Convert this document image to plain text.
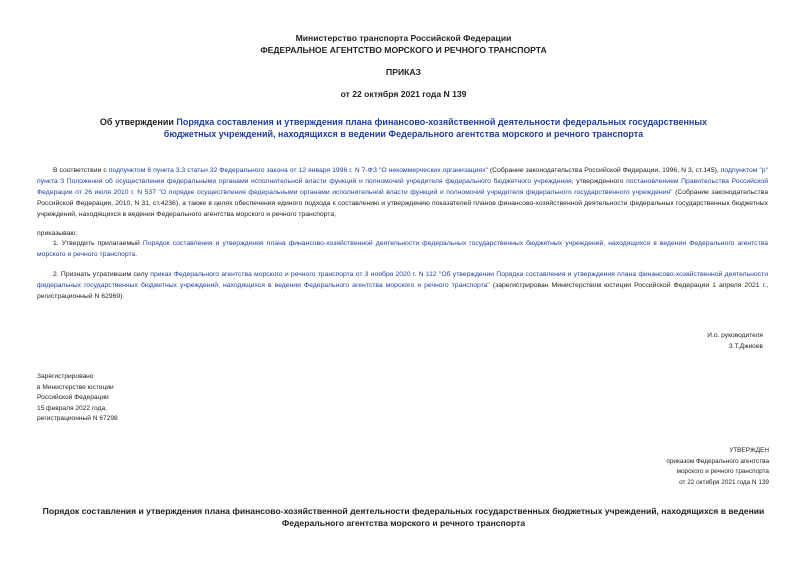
Министерство транспорта Российской Федерации
ФЕДЕРАЛЬНОЕ АГЕНТСТВО МОРСКОГО И РЕЧНОГО ТРАНСПОРТА
ПРИКАЗ
от 22 октября 2021 года N 139
Об утверждении Порядка составления и утверждения плана финансово-хозяйственной деятельности федеральных государственных бюджетных учреждений, находящихся в ведении Федерального агентства морского и речного транспорта
В соответствии с подпунктом 6 пункта 3.3 статьи 32 Федерального закона от 12 января 1996 г. N 7-ФЗ "О некоммерческих организациях" (Собрание законодательства Российской Федерации, 1996, N 3, ст.145), подпунктом "р" пункта 3 Положения об осуществлении федеральными органами исполнительной власти функций и полномочий учредителя федерального бюджетного учреждения, утвержденного постановлением Правительства Российской Федерации от 26 июля 2010 г. N 537 "О порядке осуществления федеральными органами исполнительной власти функций и полномочий учредителя федерального государственного учреждения" (Собрание законодательства Российской Федерации, 2010, N 31, ст.4236), а также в целях обеспечения единого подхода к составлению и утверждению показателей планов финансово-хозяйственной деятельности федеральных государственных бюджетных учреждений, находящихся в ведении Федерального агентства морского и речного транспорта,
приказываю:
1. Утвердить прилагаемый Порядок составления и утверждения плана финансово-хозяйственной деятельности федеральных государственных бюджетных учреждений, находящихся в ведении Федерального агентства морского и речного транспорта.
2. Признать утратившим силу приказ Федерального агентства морского и речного транспорта от 3 ноября 2020 г. N 112 "Об утверждении Порядка составления и утверждения плана финансово-хозяйственной деятельности федеральных государственных бюджетных учреждений, находящихся в ведении Федерального агентства морского и речного транспорта" (зарегистрирован Министерством юстиции Российской Федерации 1 апреля 2021 г., регистрационный N 62969).
И.о. руководителя
З.Т.Джиоев
Зарегистрировано
в Министерстве юстиции
Российской Федерации
15 февраля 2022 года,
регистрационный N 67298
УТВЕРЖДЕН
приказом Федерального агентства
морского и речного транспорта
от 22 октября 2021 года N 139
Порядок составления и утверждения плана финансово-хозяйственной деятельности федеральных государственных бюджетных учреждений, находящихся в ведении Федерального агентства морского и речного транспорта
